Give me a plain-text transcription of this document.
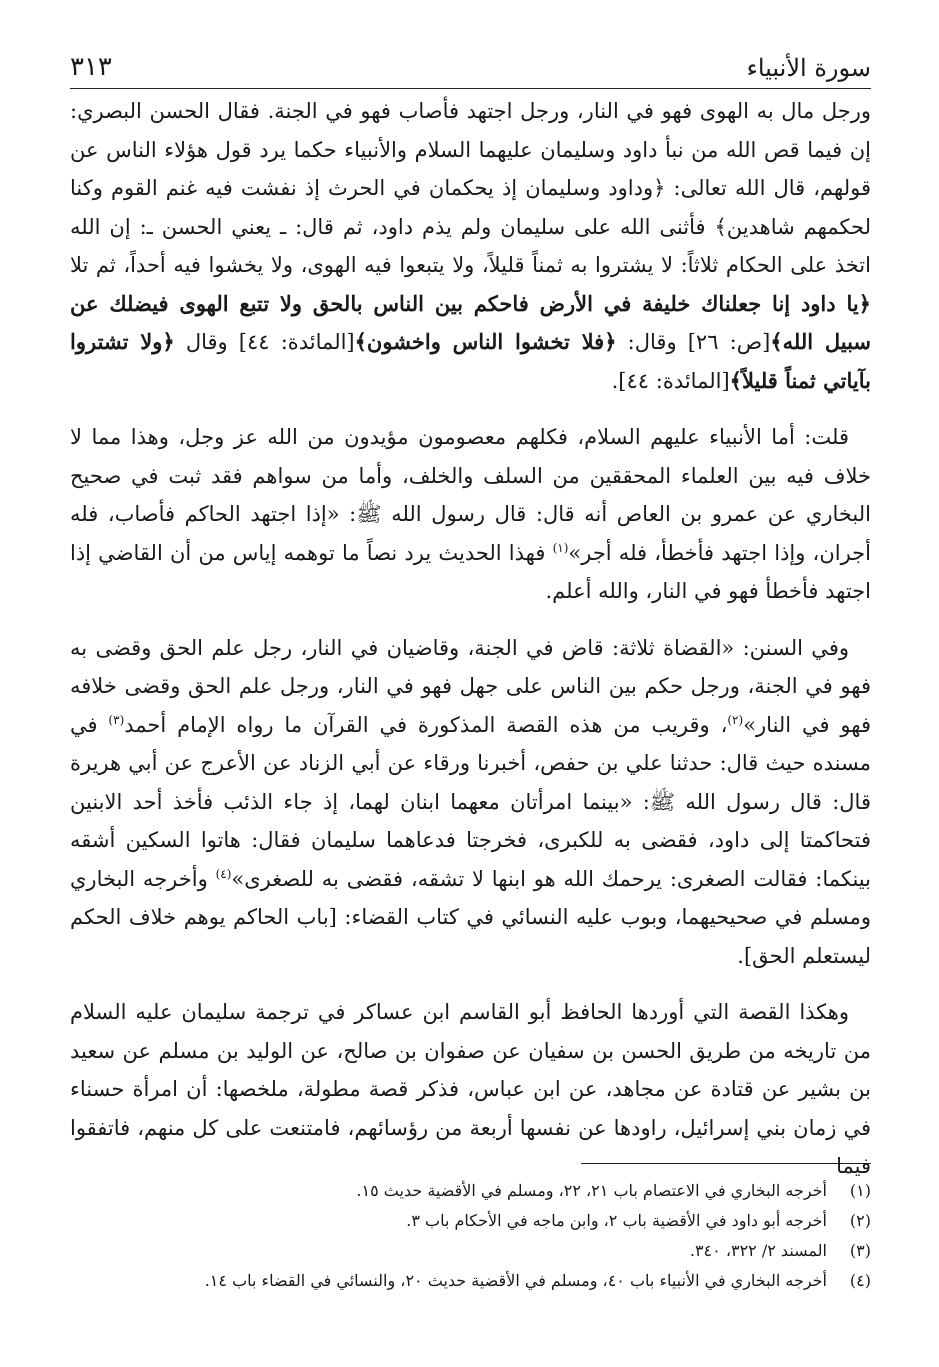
سورة الأنبياء
٣١٣

ورجل مال به الهوى فهو في النار، ورجل اجتهد فأصاب فهو في الجنة. فقال الحسن البصري: إن فيما قص الله من نبأ داود وسليمان عليهما السلام والأنبياء حكما يرد قول هؤلاء الناس عن قولهم، قال الله تعالى: ﴿وداود وسليمان إذ يحكمان في الحرث إذ نفشت فيه غنم القوم وكنا لحكمهم شاهدين﴾ فأثنى الله على سليمان ولم يذم داود، ثم قال: ـ يعني الحسن ـ: إن الله اتخذ على الحكام ثلاثاً: لا يشتروا به ثمناً قليلاً، ولا يتبعوا فيه الهوى، ولا يخشوا فيه أحداً، ثم تلا ﴿يا داود إنا جعلناك خليفة في الأرض فاحكم بين الناس بالحق ولا تتبع الهوى فيضلك عن سبيل الله﴾[ص: ٢٦] وقال: ﴿فلا تخشوا الناس واخشون﴾[المائدة: ٤٤] وقال ﴿ولا تشتروا بآياتي ثمناً قليلاً﴾[المائدة: ٤٤].

قلت: أما الأنبياء عليهم السلام، فكلهم معصومون مؤيدون من الله عز وجل، وهذا مما لا خلاف فيه بين العلماء المحققين من السلف والخلف، وأما من سواهم فقد ثبت في صحيح البخاري عن عمرو بن العاص أنه قال: قال رسول الله ﷺ: «إذا اجتهد الحاكم فأصاب، فله أجران، وإذا اجتهد فأخطأ، فله أجر»$^{(١)}$ فهذا الحديث يرد نصاً ما توهمه إياس من أن القاضي إذا اجتهد فأخطأ فهو في النار، والله أعلم.

وفي السنن: «القضاة ثلاثة: قاض في الجنة، وقاضيان في النار، رجل علم الحق وقضى به فهو في الجنة، ورجل حكم بين الناس على جهل فهو في النار، ورجل علم الحق وقضى خلافه فهو في النار»$^{(٢)}$، وقريب من هذه القصة المذكورة في القرآن ما رواه الإمام أحمد$^{(٣)}$ في مسنده حيث قال: حدثنا علي بن حفص، أخبرنا ورقاء عن أبي الزناد عن الأعرج عن أبي هريرة قال: قال رسول الله ﷺ: «بينما امرأتان معهما ابنان لهما، إذ جاء الذئب فأخذ أحد الابنين فتحاكمتا إلى داود، فقضى به للكبرى، فخرجتا فدعاهما سليمان فقال: هاتوا السكين أشقه بينكما: فقالت الصغرى: يرحمك الله هو ابنها لا تشقه، فقضى به للصغرى»$^{(٤)}$ وأخرجه البخاري ومسلم في صحيحيهما، وبوب عليه النسائي في كتاب القضاء: [باب الحاكم يوهم خلاف الحكم ليستعلم الحق].

وهكذا القصة التي أوردها الحافظ أبو القاسم ابن عساكر في ترجمة سليمان عليه السلام من تاريخه من طريق الحسن بن سفيان عن صفوان بن صالح، عن الوليد بن مسلم عن سعيد بن بشير عن قتادة عن مجاهد، عن ابن عباس، فذكر قصة مطولة، ملخصها: أن امرأة حسناء في زمان بني إسرائيل، راودها عن نفسها أربعة من رؤسائهم، فامتنعت على كل منهم، فاتفقوا فيما

(١)أخرجه البخاري في الاعتصام باب ٢١، ٢٢، ومسلم في الأقضية حديث ١٥.
(٢)أخرجه أبو داود في الأقضية باب ٢، وابن ماجه في الأحكام باب ٣.
(٣)المسند ٢/ ٣٢٢، ٣٤٠.
(٤)أخرجه البخاري في الأنبياء باب ٤٠، ومسلم في الأقضية حديث ٢٠، والنسائي في القضاء باب ١٤.
